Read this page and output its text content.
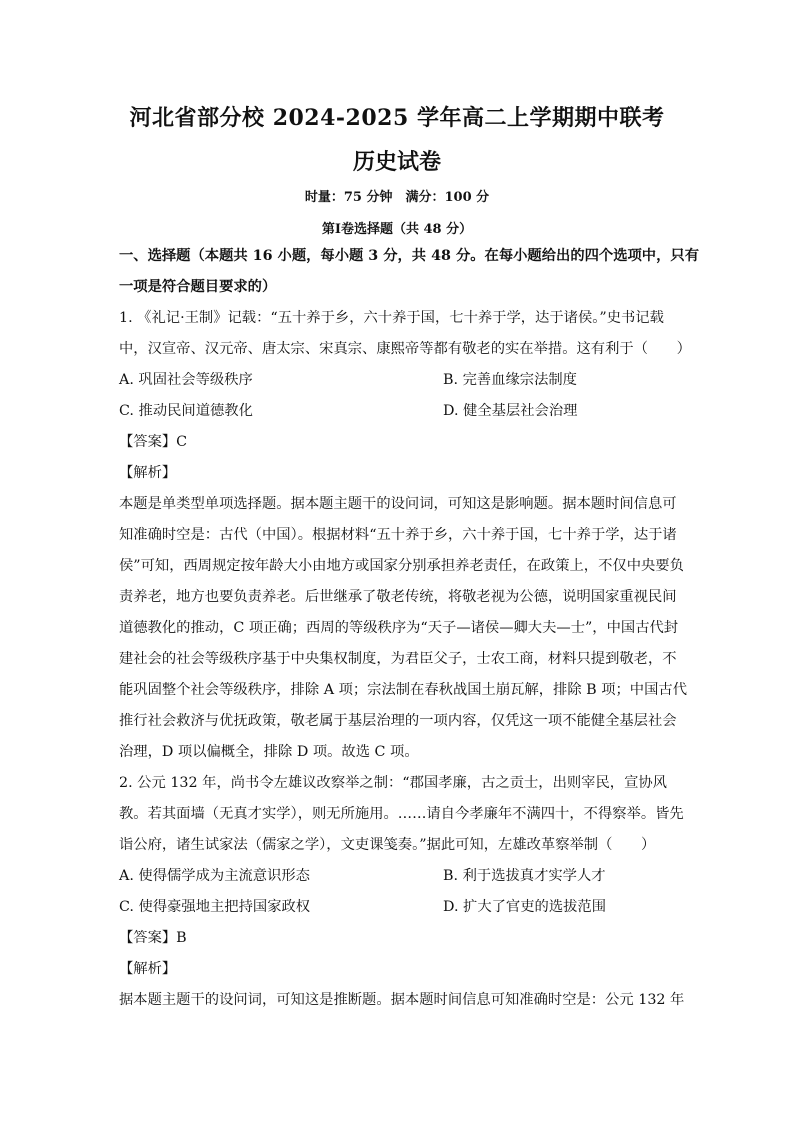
河北省部分校 2024-2025 学年高二上学期期中联考
历史试卷
时量：75 分钟　满分：100 分
第Ⅰ卷选择题（共 48 分）
一、选择题（本题共 16 小题，每小题 3 分，共 48 分。在每小题给出的四个选项中，只有
一项是符合题目要求的）
1. 《礼记·王制》记载：“五十养于乡，六十养于国，七十养于学，达于诸侯。”史书记载
中，汉宣帝、汉元帝、唐太宗、宋真宗、康熙帝等都有敬老的实在举措。这有利于（　　）
A. 巩固社会等级秩序	B. 完善血缘宗法制度
C. 推动民间道德教化	D. 健全基层社会治理
【答案】C
【解析】
本题是单类型单项选择题。据本题主题干的设问词，可知这是影响题。据本题时间信息可
知准确时空是：古代（中国）。根据材料“五十养于乡，六十养于国，七十养于学，达于诸
侯”可知，西周规定按年龄大小由地方或国家分别承担养老责任，在政策上，不仅中央要负
责养老，地方也要负责养老。后世继承了敬老传统，将敬老视为公德，说明国家重视民间
道德教化的推动，C 项正确；西周的等级秩序为“天子—诸侯—卿大夫—士”，中国古代封
建社会的社会等级秩序基于中央集权制度，为君臣父子，士农工商，材料只提到敬老，不
能巩固整个社会等级秩序，排除 A 项；宗法制在春秋战国土崩瓦解，排除 B 项；中国古代
推行社会救济与优抚政策，敬老属于基层治理的一项内容，仅凭这一项不能健全基层社会
治理，D 项以偏概全，排除 D 项。故选 C 项。
2. 公元 132 年，尚书令左雄议改察举之制：“郡国孝廉，古之贡士，出则宰民，宣协风
教。若其面墙（无真才实学），则无所施用。……请自今孝廉年不满四十，不得察举。皆先
诣公府，诸生试家法（儒家之学），文吏课笺奏。”据此可知，左雄改革察举制（　　）
A. 使得儒学成为主流意识形态	B. 利于选拔真才实学人才
C. 使得豪强地主把持国家政权	D. 扩大了官吏的选拔范围
【答案】B
【解析】
据本题主题干的设问词，可知这是推断题。据本题时间信息可知准确时空是：公元 132 年
